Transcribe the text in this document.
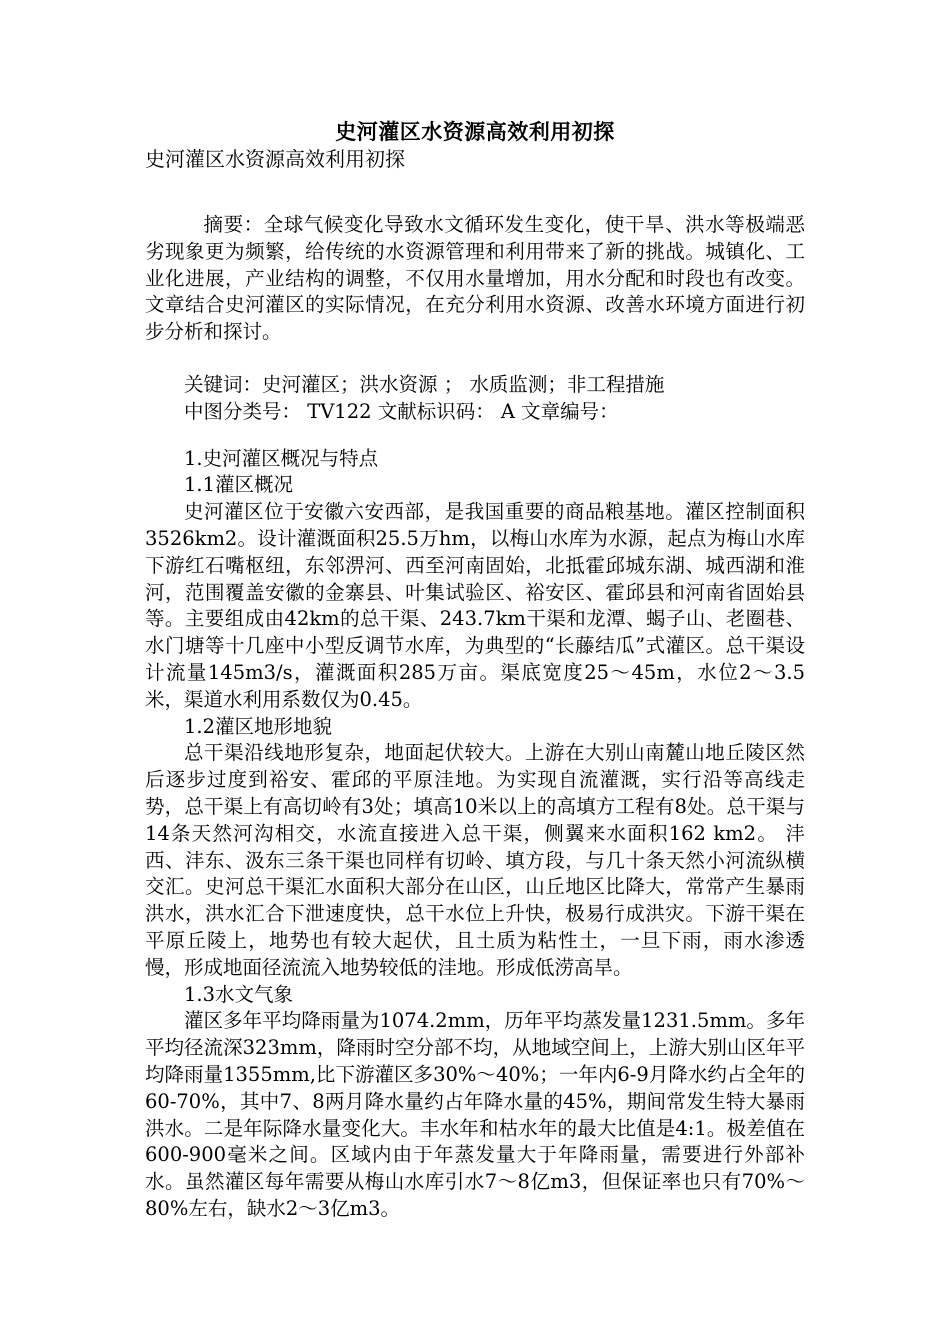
史河灌区水资源高效利用初探

史河灌区水资源高效利用初探

摘要：全球气候变化导致水文循环发生变化，使干旱、洪水等极端恶劣现象更为频繁，给传统的水资源管理和利用带来了新的挑战。城镇化、工业化进展，产业结构的调整，不仅用水量增加，用水分配和时段也有改变。文章结合史河灌区的实际情况，在充分利用水资源、改善水环境方面进行初步分析和探讨。

关键词：史河灌区；洪水资源 ； 水质监测；非工程措施

中图分类号： TV122 文献标识码： A 文章编号：

1.史河灌区概况与特点

1.1灌区概况

史河灌区位于安徽六安西部，是我国重要的商品粮基地。灌区控制面积3526km2。设计灌溉面积25.5万hm，以梅山水库为水源，起点为梅山水库下游红石嘴枢纽，东邻淠河、西至河南固始，北抵霍邱城东湖、城西湖和淮河，范围覆盖安徽的金寨县、叶集试验区、裕安区、霍邱县和河南省固始县等。主要组成由42km的总干渠、243.7km干渠和龙潭、蝎子山、老圈巷、水门塘等十几座中小型反调节水库，为典型的“长藤结瓜”式灌区。总干渠设计流量145m3/s，灌溉面积285万亩。渠底宽度25～45m，水位2～3.5米，渠道水利用系数仅为0.45。

1.2灌区地形地貌

总干渠沿线地形复杂，地面起伏较大。上游在大别山南麓山地丘陵区然后逐步过度到裕安、霍邱的平原洼地。为实现自流灌溉，实行沿等高线走势，总干渠上有高切岭有3处；填高10米以上的高填方工程有8处。总干渠与14条天然河沟相交，水流直接进入总干渠，侧翼来水面积162 km2。 沣西、沣东、汲东三条干渠也同样有切岭、填方段，与几十条天然小河流纵横交汇。史河总干渠汇水面积大部分在山区，山丘地区比降大，常常产生暴雨洪水，洪水汇合下泄速度快，总干水位上升快，极易行成洪灾。下游干渠在平原丘陵上，地势也有较大起伏，且土质为粘性土，一旦下雨，雨水渗透慢，形成地面径流流入地势较低的洼地。形成低涝高旱。

1.3水文气象

灌区多年平均降雨量为1074.2mm，历年平均蒸发量1231.5mm。多年平均径流深323mm，降雨时空分部不均，从地域空间上，上游大别山区年平均降雨量1355mm,比下游灌区多30%～40%；一年内6-9月降水约占全年的60-70%，其中7、8两月降水量约占年降水量的45%，期间常发生特大暴雨洪水。二是年际降水量变化大。丰水年和枯水年的最大比值是4:1。极差值在600-900毫米之间。区域内由于年蒸发量大于年降雨量，需要进行外部补水。虽然灌区每年需要从梅山水库引水7～8亿m3，但保证率也只有70%～80%左右，缺水2～3亿m3。
